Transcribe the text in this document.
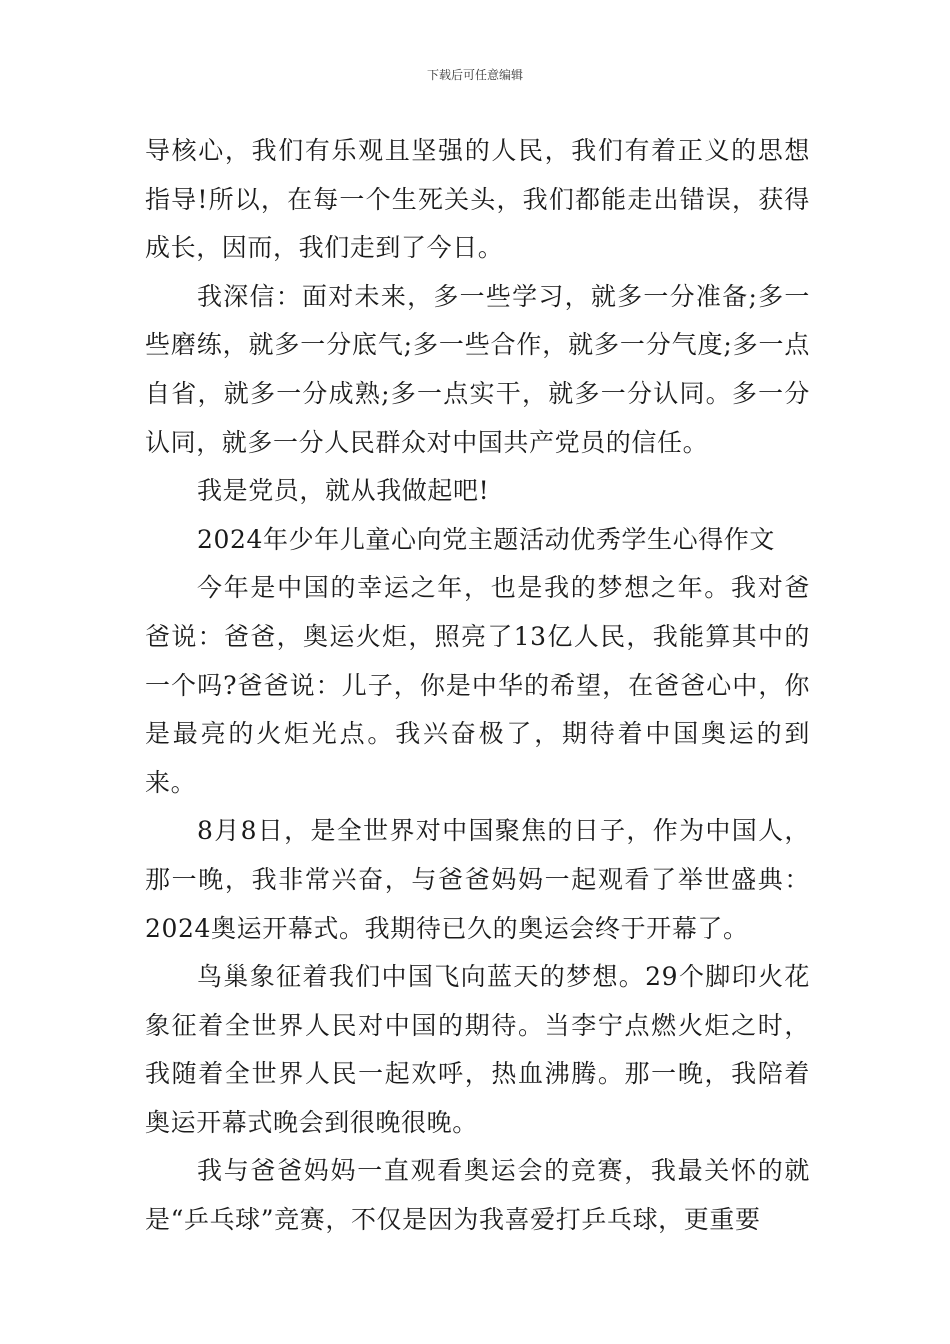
下载后可任意编辑

导核心，我们有乐观且坚强的人民，我们有着正义的思想指导!所以，在每一个生死关头，我们都能走出错误，获得成长，因而，我们走到了今日。

我深信：面对未来，多一些学习，就多一分准备;多一些磨练，就多一分底气;多一些合作，就多一分气度;多一点自省，就多一分成熟;多一点实干，就多一分认同。多一分认同，就多一分人民群众对中国共产党员的信任。

我是党员，就从我做起吧!

2024年少年儿童心向党主题活动优秀学生心得作文

今年是中国的幸运之年，也是我的梦想之年。我对爸爸说：爸爸，奥运火炬，照亮了13亿人民，我能算其中的一个吗?爸爸说：儿子，你是中华的希望，在爸爸心中，你是最亮的火炬光点。我兴奋极了，期待着中国奥运的到来。

8月8日，是全世界对中国聚焦的日子，作为中国人，那一晚，我非常兴奋，与爸爸妈妈一起观看了举世盛典：2024奥运开幕式。我期待已久的奥运会终于开幕了。

鸟巢象征着我们中国飞向蓝天的梦想。29个脚印火花象征着全世界人民对中国的期待。当李宁点燃火炬之时，我随着全世界人民一起欢呼，热血沸腾。那一晚，我陪着奥运开幕式晚会到很晚很晚。

我与爸爸妈妈一直观看奥运会的竞赛，我最关怀的就是“乒乓球”竞赛，不仅是因为我喜爱打乒乓球，更重要
